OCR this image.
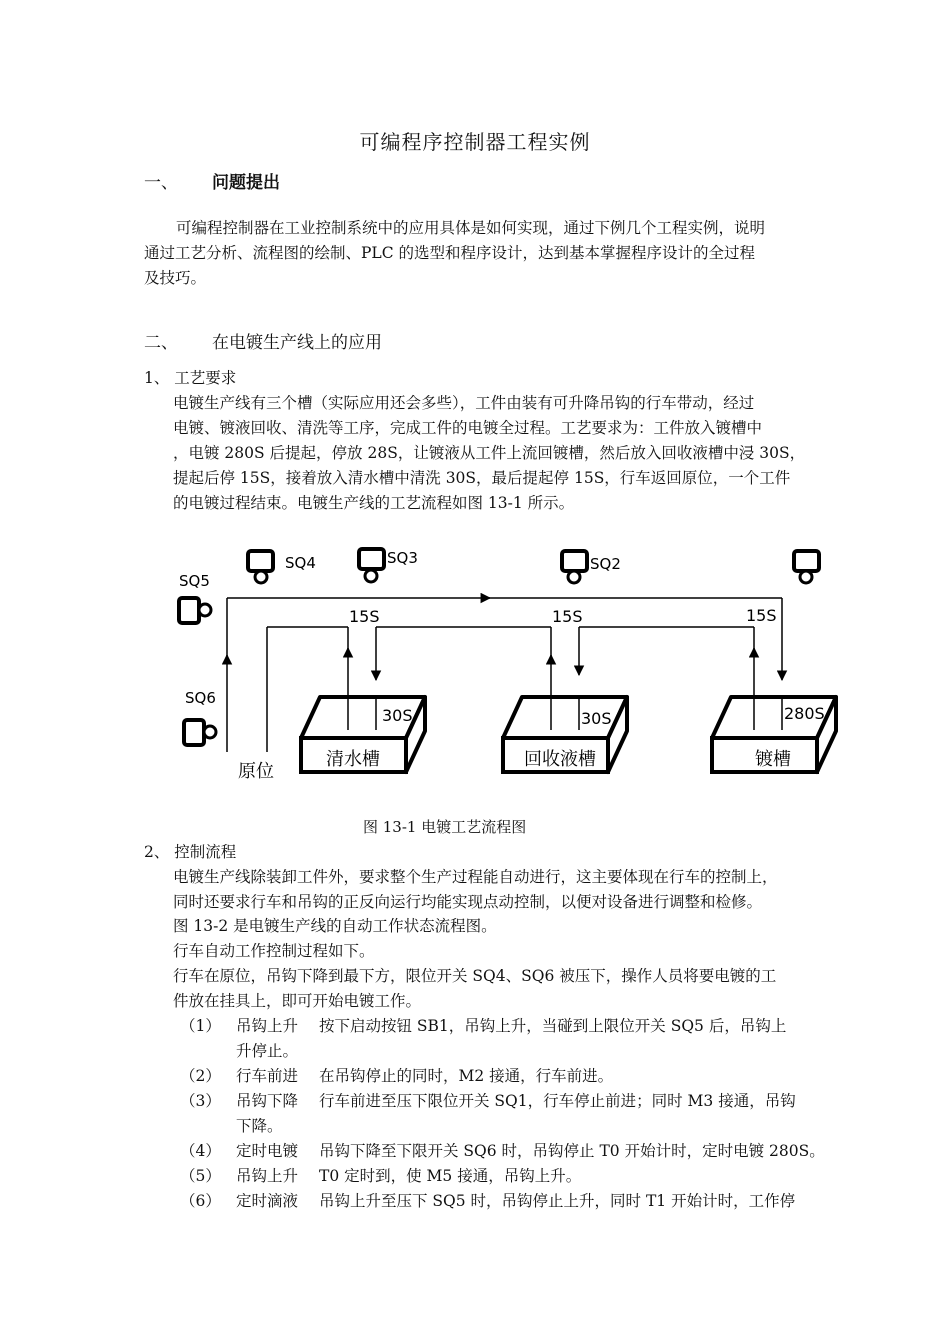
可编程序控制器工程实例
一、 问题提出
可编程控制器在工业控制系统中的应用具体是如何实现，通过下例几个工程实例，说明
通过工艺分析、流程图的绘制、PLC 的选型和程序设计，达到基本掌握程序设计的全过程
及技巧。
二、 在电镀生产线上的应用
1、 工艺要求
电镀生产线有三个槽（实际应用还会多些），工件由装有可升降吊钩的行车带动，经过
电镀、镀液回收、清洗等工序，完成工件的电镀全过程。工艺要求为：工件放入镀槽中
，电镀 280S 后提起，停放 28S，让镀液从工件上流回镀槽，然后放入回收液槽中浸 30S，
提起后停 15S，接着放入清水槽中清洗 30S，最后提起停 15S，行车返回原位，一个工件
的电镀过程结束。电镀生产线的工艺流程如图 13-1 所示。
SQ4	SQ3	SQ2
SQ5
SQ6
15S	15S	15S
30S
清水槽
30S
回收液槽
280S
镀槽
原位
图 13-1 电镀工艺流程图
2、 控制流程
电镀生产线除装卸工件外，要求整个生产过程能自动进行，这主要体现在行车的控制上，
同时还要求行车和吊钩的正反向运行均能实现点动控制，以便对设备进行调整和检修。
图 13-2 是电镀生产线的自动工作状态流程图。
行车自动工作控制过程如下。
行车在原位，吊钩下降到最下方，限位开关 SQ4、SQ6 被压下，操作人员将要电镀的工
件放在挂具上，即可开始电镀工作。
（1） 吊钩上升 按下启动按钮 SB1，吊钩上升，当碰到上限位开关 SQ5 后，吊钩上
升停止。
（2） 行车前进 在吊钩停止的同时，M2 接通，行车前进。
（3） 吊钩下降 行车前进至压下限位开关 SQ1，行车停止前进；同时 M3 接通，吊钩
下降。
（4） 定时电镀 吊钩下降至下限开关 SQ6 时，吊钩停止 T0 开始计时，定时电镀 280S。
（5） 吊钩上升 T0 定时到，使 M5 接通，吊钩上升。
（6） 定时滴液 吊钩上升至压下 SQ5 时，吊钩停止上升，同时 T1 开始计时，工作停
